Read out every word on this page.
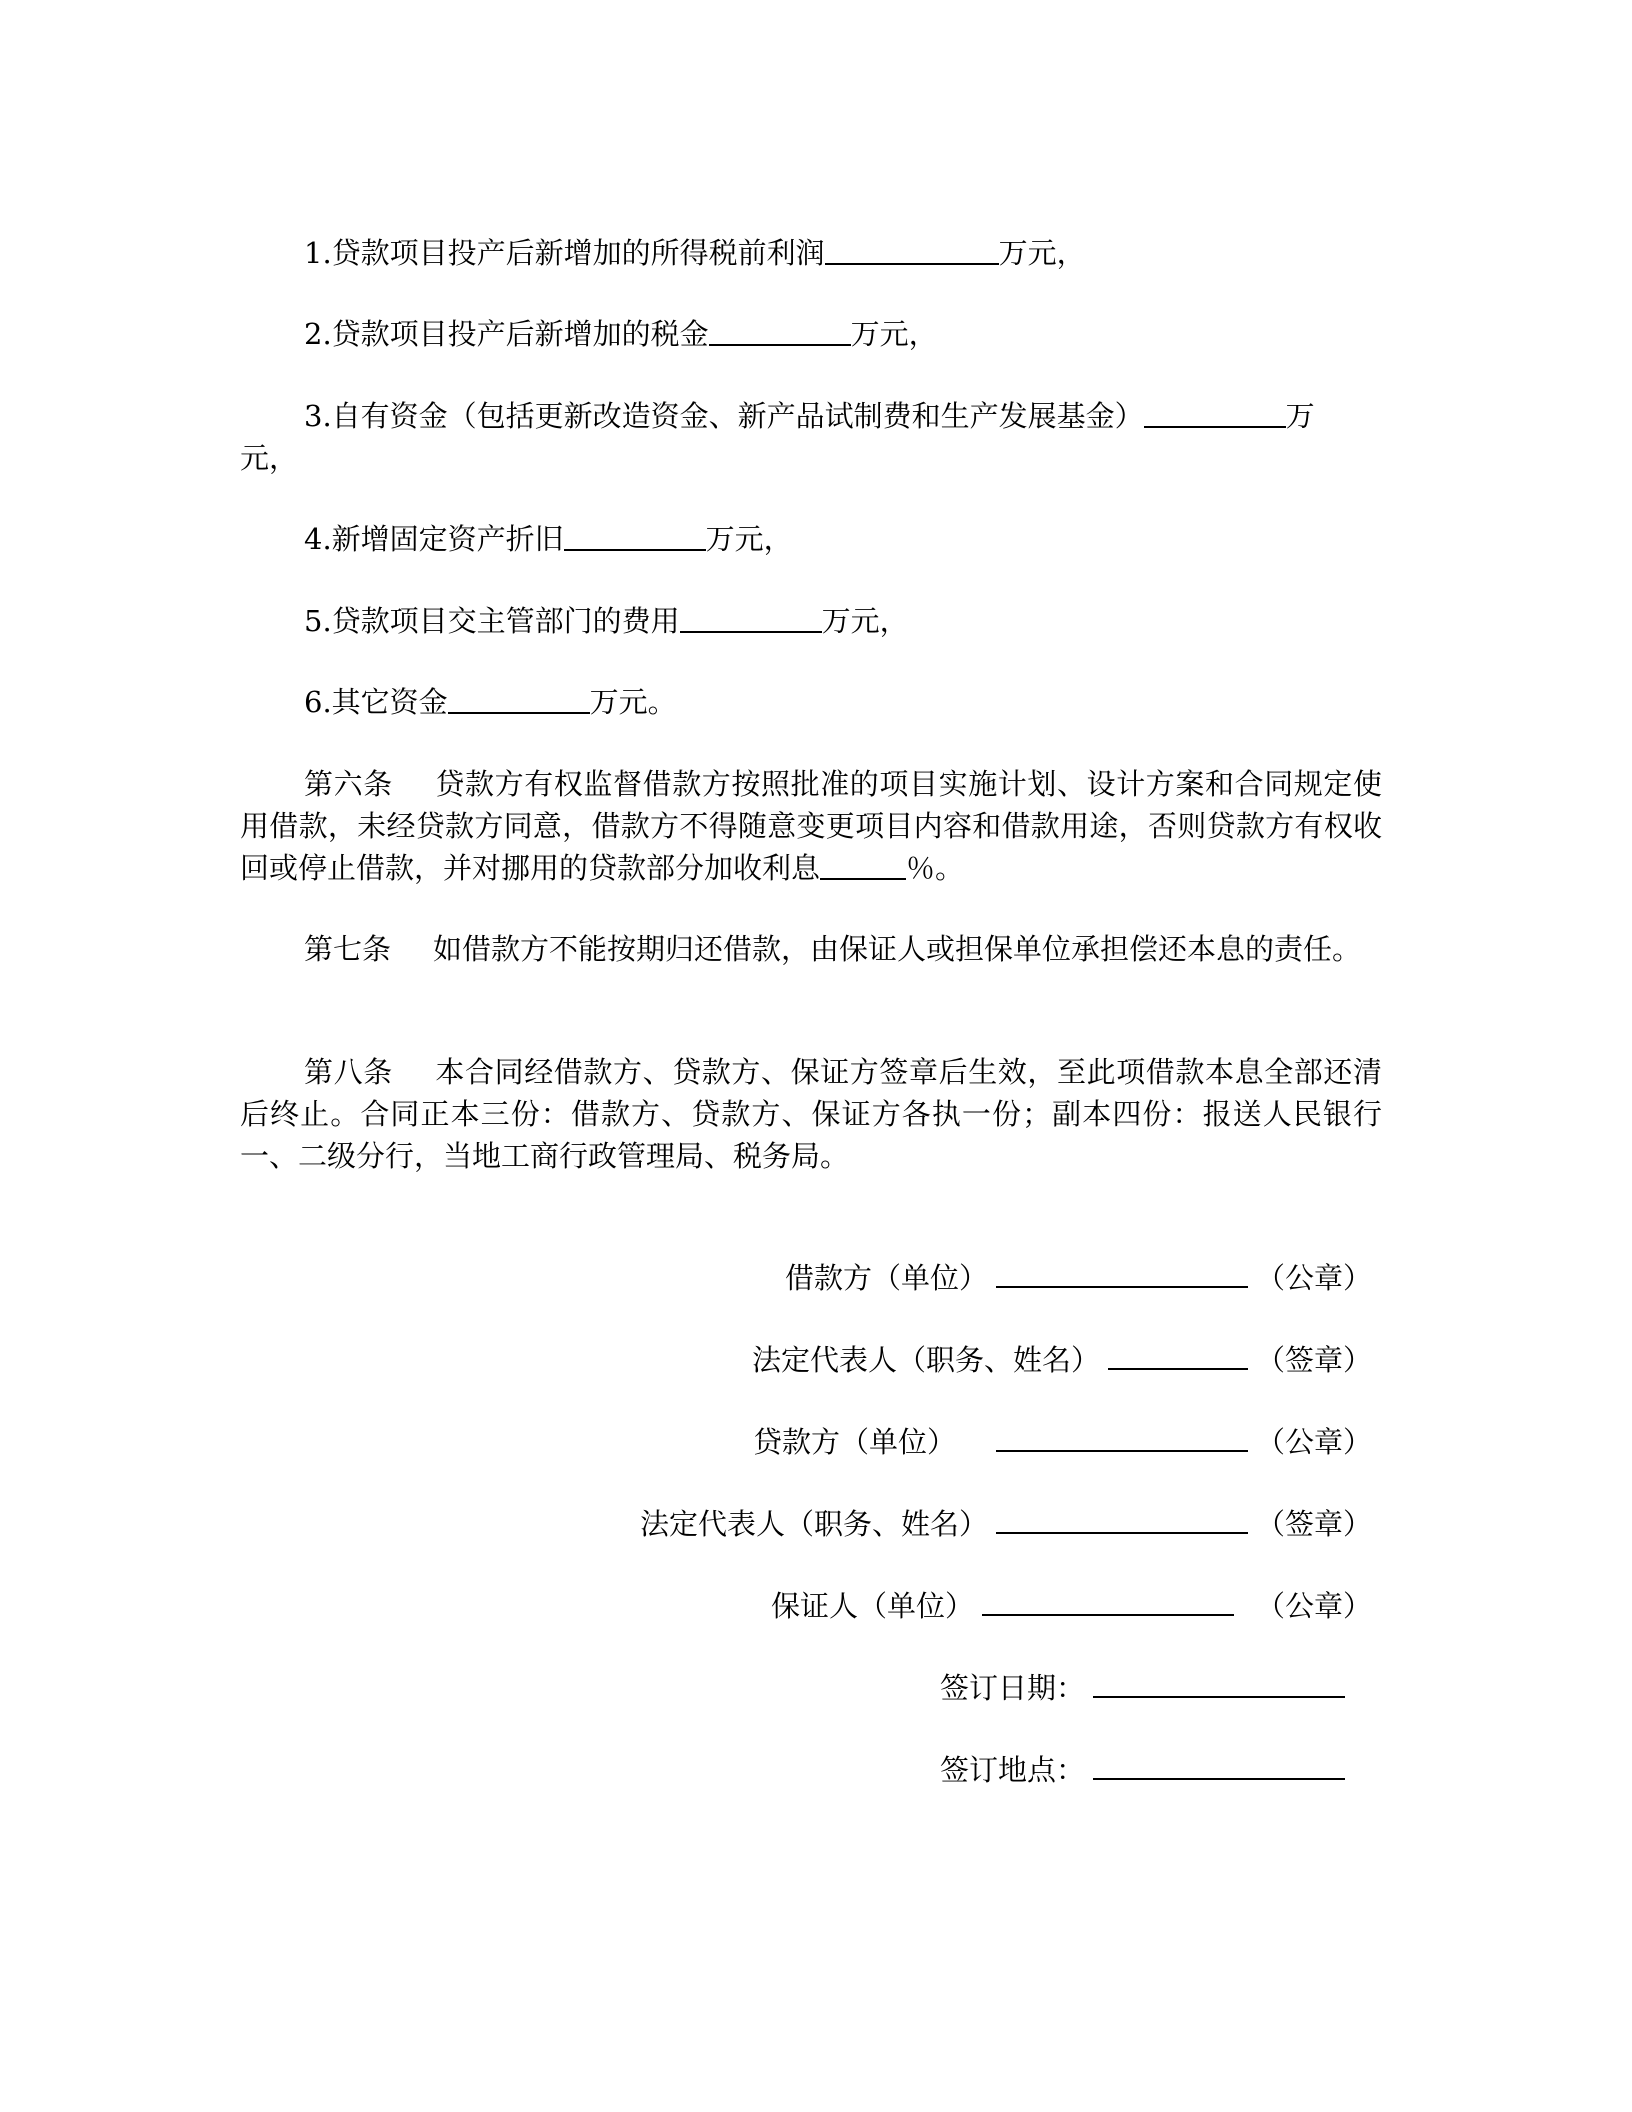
1.贷款项目投产后新增加的所得税前利润	万元，
2.贷款项目投产后新增加的税金	万元，
3.自有资金（包括更新改造资金、新产品试制费和生产发展基金）	万
元，
4.新增固定资产折旧	万元，
5.贷款项目交主管部门的费用	万元，
6.其它资金	万元。
第六条 贷款方有权监督借款方按照批准的项目实施计划、设计方案和合同规定使用借款，未经贷款方同意，借款方不得随意变更项目内容和借款用途，否则贷款方有权收回或停止借款，并对挪用的贷款部分加收利息	％。
第七条 如借款方不能按期归还借款，由保证人或担保单位承担偿还本息的责任。
第八条 本合同经借款方、贷款方、保证方签章后生效，至此项借款本息全部还清后终止。合同正本三份：借款方、贷款方、保证方各执一份；副本四份：报送人民银行一、二级分行，当地工商行政管理局、税务局。
借款方（单位）	（公章）
法定代表人（职务、姓名）	（签章）
贷款方（单位）	（公章）
法定代表人（职务、姓名）	（签章）
保证人（单位）	（公章）
签订日期：
签订地点：
